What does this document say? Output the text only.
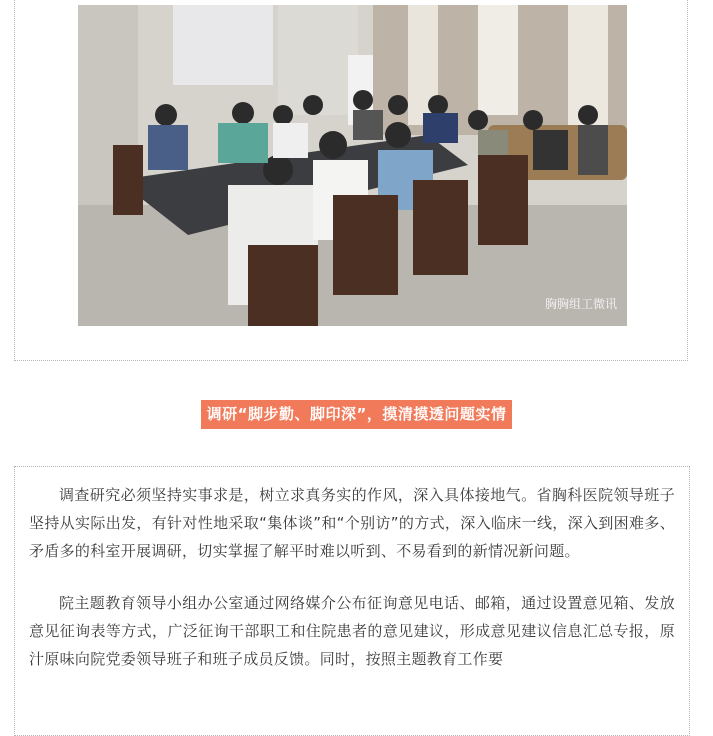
胸胸组工微讯
调研“脚步勤、脚印深”，摸清摸透问题实情

调查研究必须坚持实事求是，树立求真务实的作风，深入具体接地气。省胸科医院领导班子坚持从实际出发，有针对性地采取“集体谈”和“个别访”的方式，深入临床一线，深入到困难多、矛盾多的科室开展调研，切实掌握了解平时难以听到、不易看到的新情况新问题。

院主题教育领导小组办公室通过网络媒介公布征询意见电话、邮箱，通过设置意见箱、发放意见征询表等方式，广泛征询干部职工和住院患者的意见建议，形成意见建议信息汇总专报，原汁原味向院党委领导班子和班子成员反馈。同时，按照主题教育工作要
